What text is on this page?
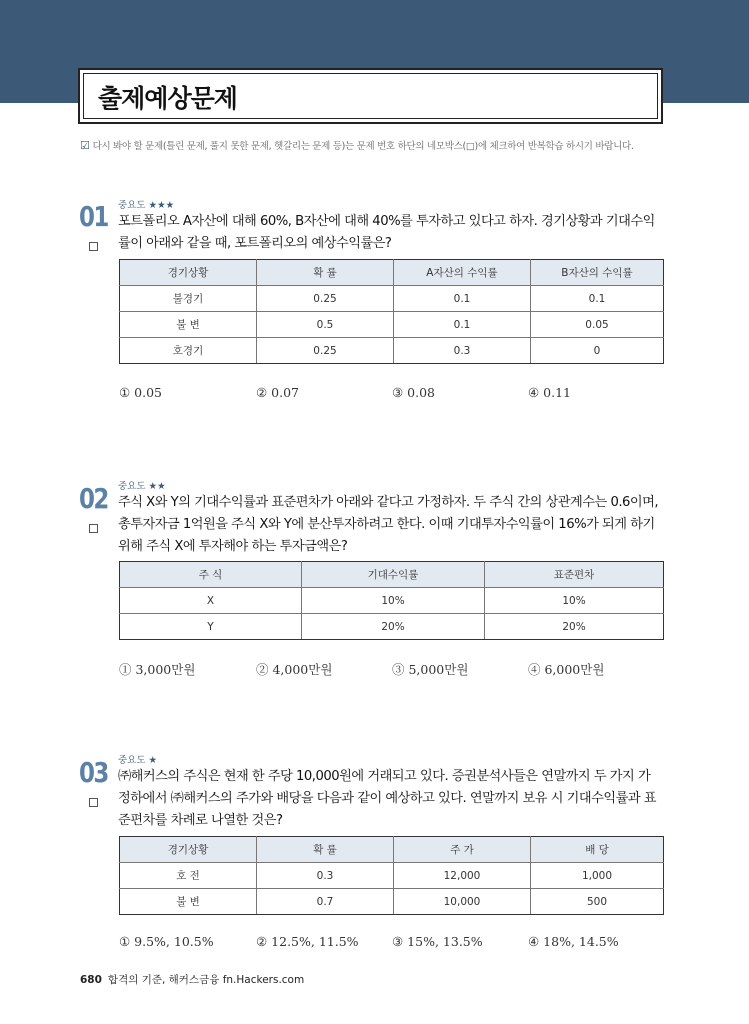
출제예상문제
☑ 다시 봐야 할 문제(틀린 문제, 풀지 못한 문제, 헷갈리는 문제 등)는 문제 번호 하단의 네모박스(□)에 체크하여 반복학습 하시기 바랍니다.
01 중요도 ★★★
포트폴리오 A자산에 대해 60%, B자산에 대해 40%를 투자하고 있다고 하자. 경기상황과 기대수익
률이 아래와 같을 때, 포트폴리오의 예상수익률은?
경기상황	확 률	A자산의 수익률	B자산의 수익률
불경기	0.25	0.1	0.1
불 변	0.5	0.1	0.05
호경기	0.25	0.3	0
① 0.05	② 0.07	③ 0.08	④ 0.11
02 중요도 ★★
주식 X와 Y의 기대수익률과 표준편차가 아래와 같다고 가정하자. 두 주식 간의 상관계수는 0.6이며,
총투자자금 1억원을 주식 X와 Y에 분산투자하려고 한다. 이때 기대투자수익률이 16%가 되게 하기
위해 주식 X에 투자해야 하는 투자금액은?
주 식	기대수익률	표준편차
X	10%	10%
Y	20%	20%
① 3,000만원	② 4,000만원	③ 5,000만원	④ 6,000만원
03 중요도 ★
㈜해커스의 주식은 현재 한 주당 10,000원에 거래되고 있다. 증권분석사들은 연말까지 두 가지 가
정하에서 ㈜해커스의 주가와 배당을 다음과 같이 예상하고 있다. 연말까지 보유 시 기대수익률과 표
준편차를 차례로 나열한 것은?
경기상황	확 률	주 가	배 당
호 전	0.3	12,000	1,000
불 변	0.7	10,000	500
① 9.5%, 10.5%	② 12.5%, 11.5%	③ 15%, 13.5%	④ 18%, 14.5%
680 합격의 기준, 해커스금융 fn.Hackers.com
